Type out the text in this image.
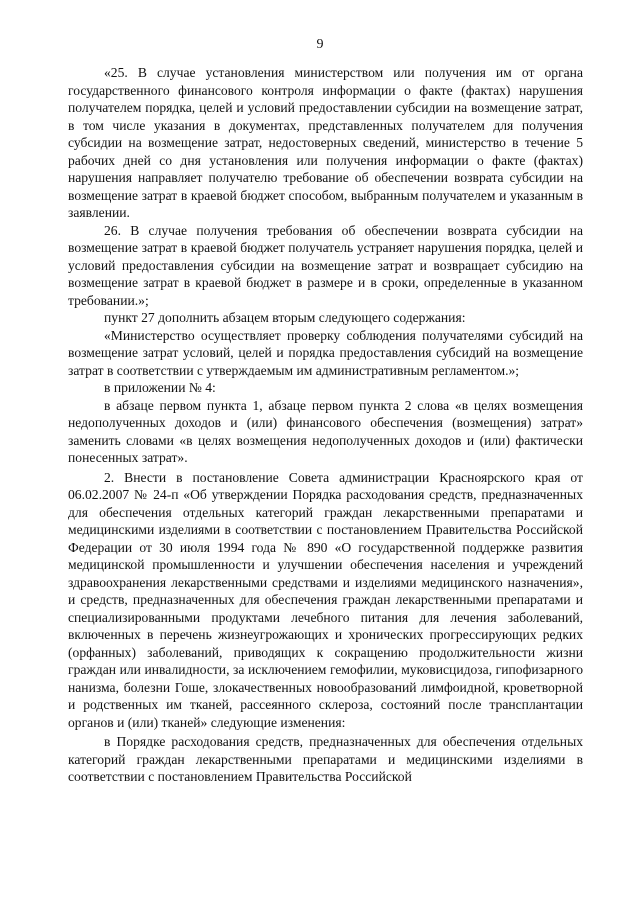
9

«25. В случае установления министерством или получения им от органа государственного финансового контроля информации о факте (фактах) нарушения получателем порядка, целей и условий предоставлении субсидии на возмещение затрат, в том числе указания в документах, представленных получателем для получения субсидии на возмещение затрат, недостоверных сведений, министерство в течение 5 рабочих дней со дня установления или получения информации о факте (фактах) нарушения направляет получателю требование об обеспечении возврата субсидии на возмещение затрат в краевой бюджет способом, выбранным получателем и указанным в заявлении.

26. В случае получения требования об обеспечении возврата субсидии на возмещение затрат в краевой бюджет получатель устраняет нарушения порядка, целей и условий предоставления субсидии на возмещение затрат и возвращает субсидию на возмещение затрат в краевой бюджет в размере и в сроки, определенные в указанном требовании.»;

пункт 27 дополнить абзацем вторым следующего содержания:

«Министерство осуществляет проверку соблюдения получателями субсидий на возмещение затрат условий, целей и порядка предоставления субсидий на возмещение затрат в соответствии с утверждаемым им административным регламентом.»;

в приложении № 4:

в абзаце первом пункта 1, абзаце первом пункта 2 слова «в целях возмещения недополученных доходов и (или) финансового обеспечения (возмещения) затрат» заменить словами «в целях возмещения недополученных доходов и (или) фактически понесенных затрат».

2. Внести в постановление Совета администрации Красноярского края от 06.02.2007 № 24-п «Об утверждении Порядка расходования средств, предназначенных для обеспечения отдельных категорий граждан лекарственными препаратами и медицинскими изделиями в соответствии с постановлением Правительства Российской Федерации от 30 июля 1994 года № 890 «О государственной поддержке развития медицинской промышленности и улучшении обеспечения населения и учреждений здравоохранения лекарственными средствами и изделиями медицинского назначения», и средств, предназначенных для обеспечения граждан лекарственными препаратами и специализированными продуктами лечебного питания для лечения заболеваний, включенных в перечень жизнеугрожающих и хронических прогрессирующих редких (орфанных) заболеваний, приводящих к сокращению продолжительности жизни граждан или инвалидности, за исключением гемофилии, муковисцидоза, гипофизарного нанизма, болезни Гоше, злокачественных новообразований лимфоидной, кроветворной и родственных им тканей, рассеянного склероза, состояний после трансплантации органов и (или) тканей» следующие изменения:

в Порядке расходования средств, предназначенных для обеспечения отдельных категорий граждан лекарственными препаратами и медицинскими изделиями в соответствии с постановлением Правительства Российской
